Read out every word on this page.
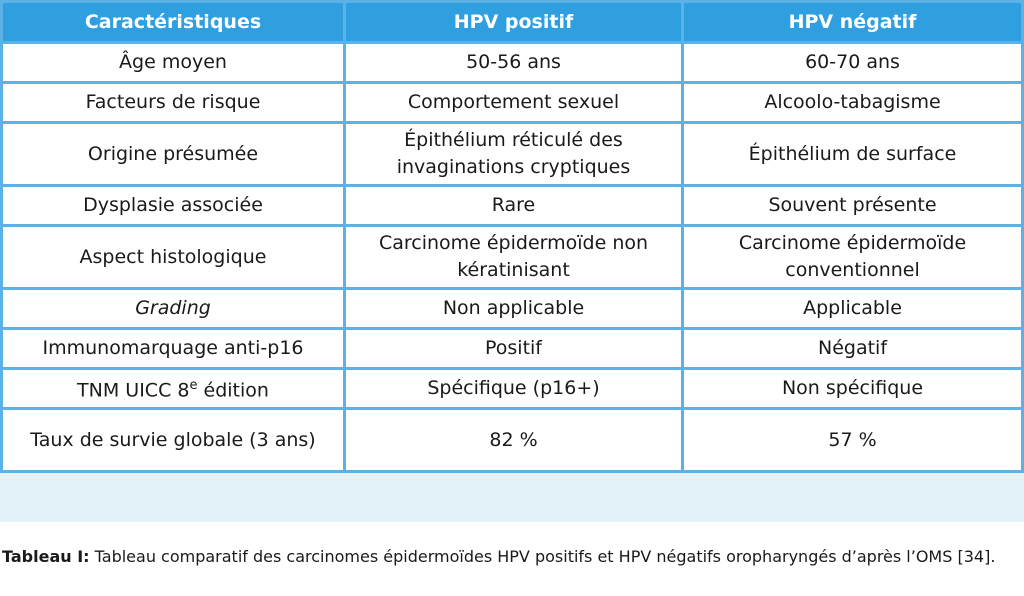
Caractéristiques	HPV positif	HPV négatif
Âge moyen	50-56 ans	60-70 ans
Facteurs de risque	Comportement sexuel	Alcoolo-tabagisme
Origine présumée	Épithélium réticulé des invaginations cryptiques	Épithélium de surface
Dysplasie associée	Rare	Souvent présente
Aspect histologique	Carcinome épidermoïde non kératinisant	Carcinome épidermoïde conventionnel
Grading	Non applicable	Applicable
Immunomarquage anti-p16	Positif	Négatif
TNM UICC 8e édition	Spécifique (p16+)	Non spécifique
Taux de survie globale (3 ans)	82 %	57 %
Tableau I: Tableau comparatif des carcinomes épidermoïdes HPV positifs et HPV négatifs oropharyngés d’après l’OMS [34].
